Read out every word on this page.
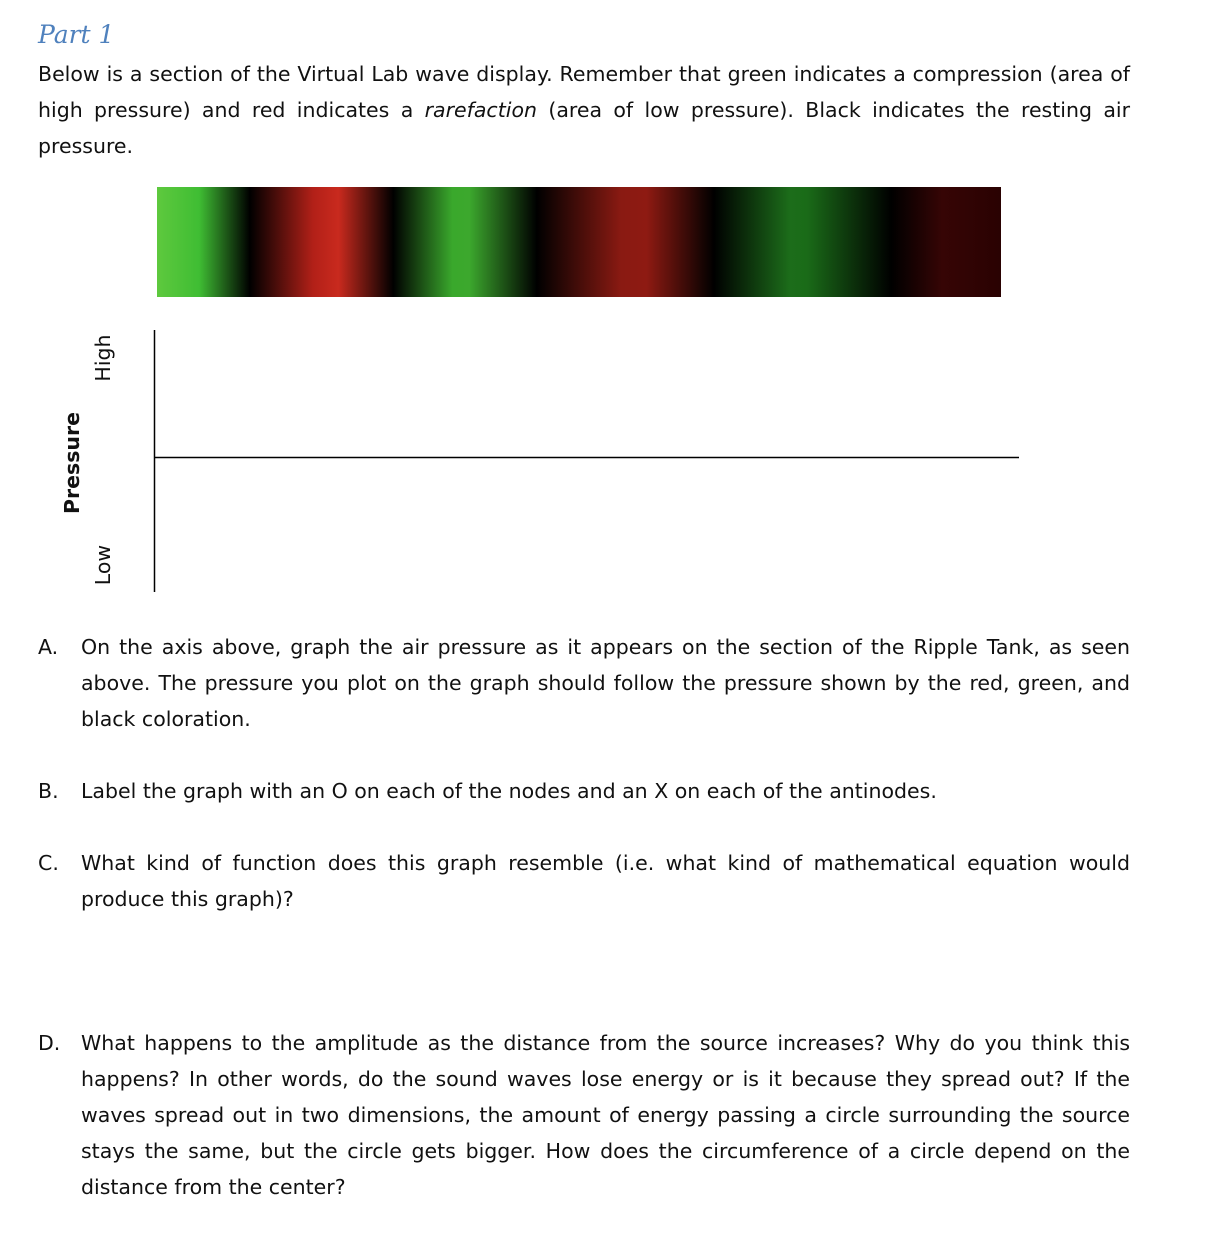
Part 1
Below is a section of the Virtual Lab wave display. Remember that green indicates a compression (area of high pressure) and red indicates a rarefaction (area of low pressure). Black indicates the resting air pressure.
Pressure
High
Low
A.	On the axis above, graph the air pressure as it appears on the section of the Ripple Tank, as seen above. The pressure you plot on the graph should follow the pressure shown by the red, green, and black coloration.
B.	Label the graph with an O on each of the nodes and an X on each of the antinodes.
C.	What kind of function does this graph resemble (i.e. what kind of mathematical equation would produce this graph)?
D.	What happens to the amplitude as the distance from the source increases? Why do you think this happens? In other words, do the sound waves lose energy or is it because they spread out? If the waves spread out in two dimensions, the amount of energy passing a circle surrounding the source stays the same, but the circle gets bigger. How does the circumference of a circle depend on the distance from the center?
